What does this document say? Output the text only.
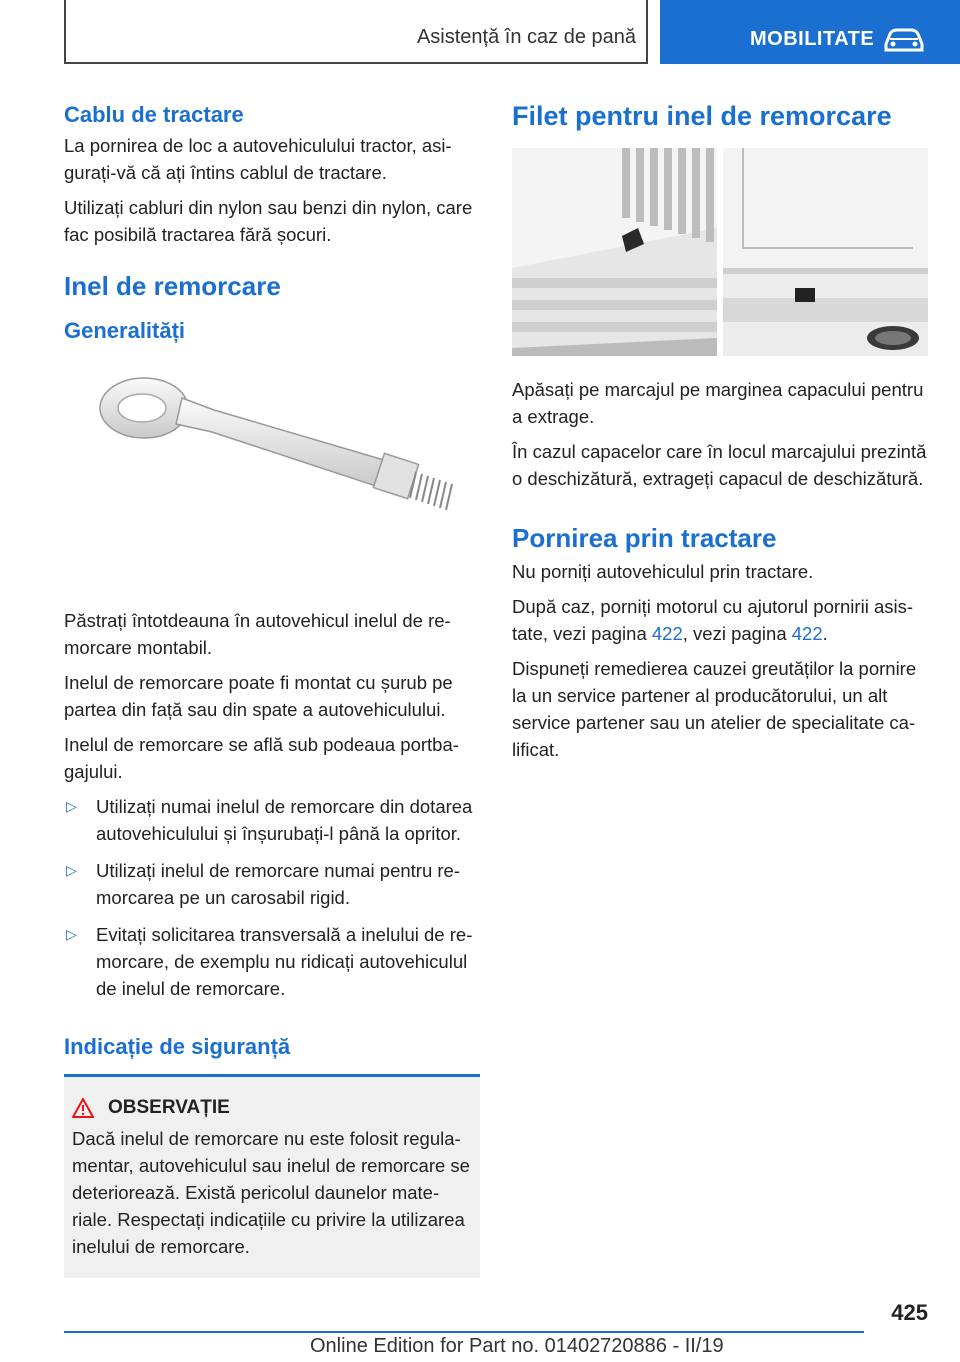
Asistență în caz de pană	MOBILITATE
Cablu de tractare

La pornirea de loc a autovehiculului tractor, asigurați-vă că ați întins cablul de tractare.

Utilizați cabluri din nylon sau benzi din nylon, care fac posibilă tractarea fără șocuri.

Inel de remorcare
Generalități

Păstrați întotdeauna în autovehicul inelul de remorcare montabil.

Inelul de remorcare poate fi montat cu șurub pe partea din față sau din spate a autovehiculului.

Inelul de remorcare se află sub podeaua portbagajului.

▷ Utilizați numai inelul de remorcare din dotarea autovehiculului și înșurubați-l până la opritor.
▷ Utilizați inelul de remorcare numai pentru remorcarea pe un carosabil rigid.
▷ Evitați solicitarea transversală a inelului de remorcare, de exemplu nu ridicați autovehiculul de inelul de remorcare.
Indicație de siguranță
OBSERVAȚIE

Dacă inelul de remorcare nu este folosit regulamentar, autovehiculul sau inelul de remorcare se deteriorează. Există pericolul daunelor materiale. Respectați indicațiile cu privire la utilizarea inelului de remorcare.

Filet pentru inel de remorcare

Apăsați pe marcajul pe marginea capacului pentru a extrage.

În cazul capacelor care în locul marcajului prezintă o deschizătură, extrageți capacul de deschizătură.

Pornirea prin tractare

Nu porniți autovehiculul prin tractare.

După caz, porniți motorul cu ajutorul pornirii asistate, vezi pagina 422, vezi pagina 422.

Dispuneți remedierea cauzei greutăților la pornire la un service partener al producătorului, un alt service partener sau un atelier de specialitate calificat.

425
Online Edition for Part no. 01402720886 - II/19
